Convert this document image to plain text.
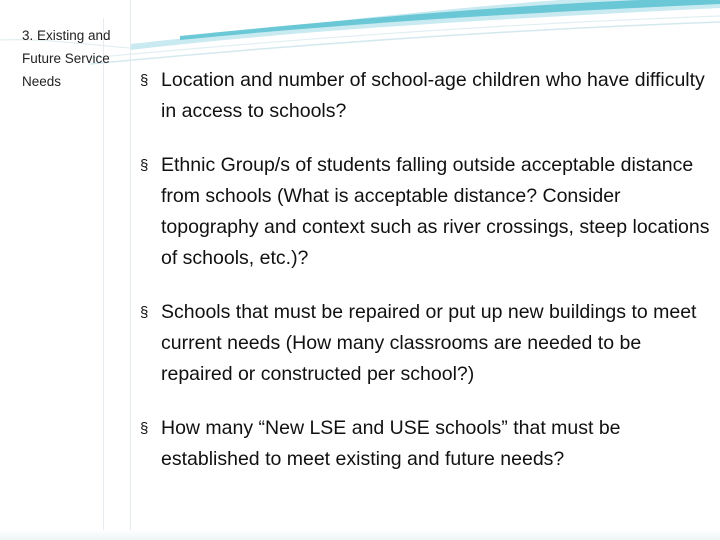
3. Existing and Future Service Needs	§ Location and number of school-age children who have difficulty in access to schools?
§ Ethnic Group/s of students falling outside acceptable distance from schools (What is acceptable distance? Consider topography and context such as river crossings, steep locations of schools, etc.)?
§ Schools that must be repaired or put up new buildings to meet current needs (How many classrooms are needed to be repaired or constructed per school?)
§ How many “New LSE and USE schools” that must be established to meet existing and future needs?
